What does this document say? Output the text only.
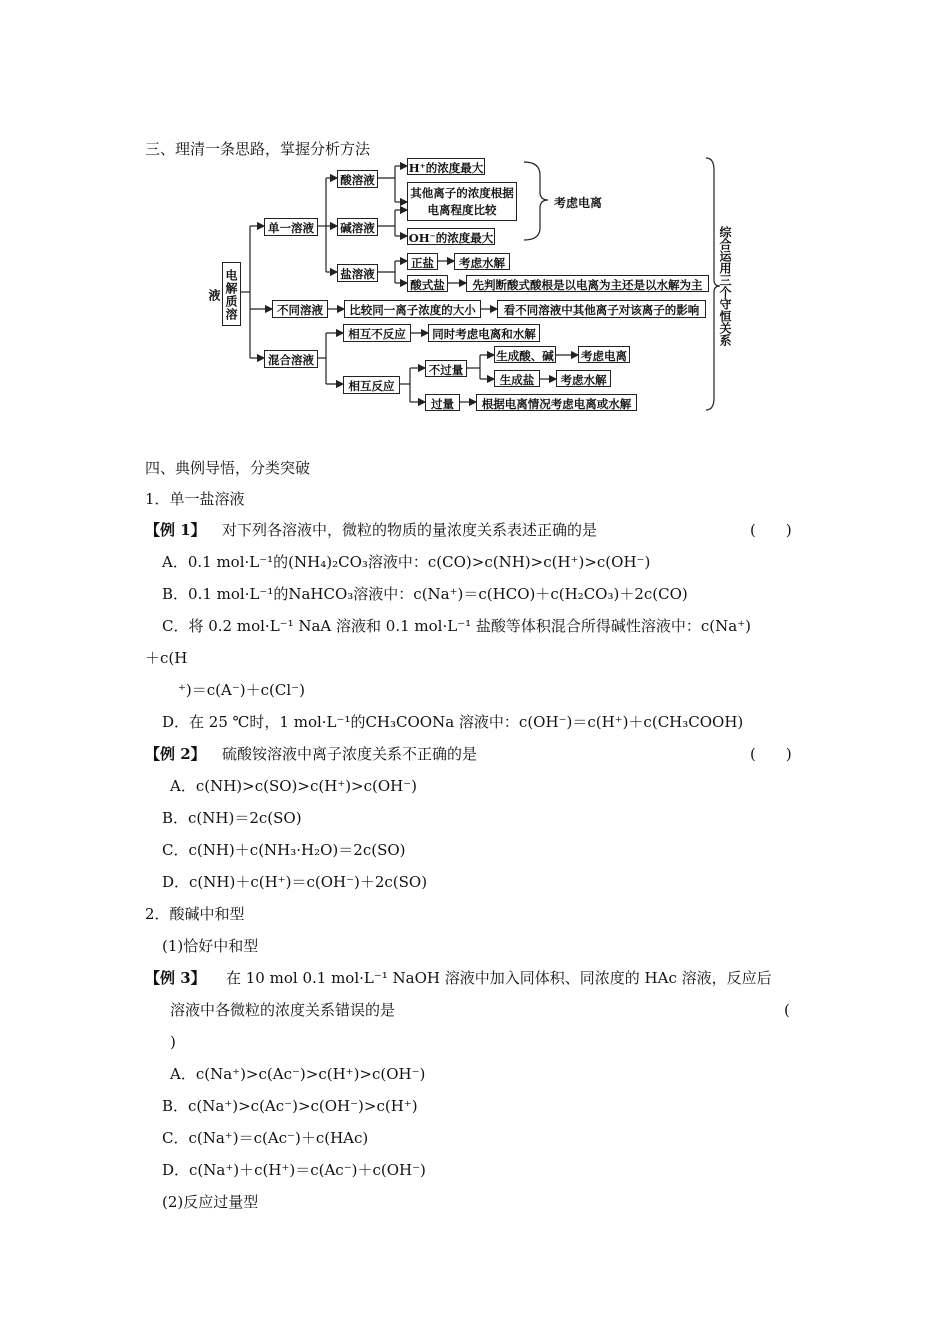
三、理清一条思路，掌握分析方法
电解质溶液
单一溶液
酸溶液
碱溶液
盐溶液
H⁺的浓度最大
其他离子的浓度根据
电离程度比较
OH⁻的浓度最大
考虑电离
正盐	考虑水解
酸式盐	先判断酸式酸根是以电离为主还是以水解为主
不同溶液	比较同一离子浓度的大小	看不同溶液中其他离子对该离子的影响
混合溶液
相互不反应	同时考虑电离和水解
相互反应
不过量
生成酸、碱 考虑电离
生成盐	考虑水解
过量	根据电离情况考虑电离或水解
综合运用三个守恒关系
四、典例导悟，分类突破
1．单一盐溶液
【例 1】 对下列各溶液中，微粒的物质的量浓度关系表述正确的是	(　　)
A．0.1 mol·L⁻¹的(NH₄)₂CO₃溶液中：c(CO)>c(NH)>c(H⁺)>c(OH⁻)
B．0.1 mol·L⁻¹的NaHCO₃溶液中：c(Na⁺)＝c(HCO)＋c(H₂CO₃)＋2c(CO)
C．将 0.2 mol·L⁻¹ NaA 溶液和 0.1 mol·L⁻¹ 盐酸等体积混合所得碱性溶液中：c(Na⁺)
＋c(H
⁺)＝c(A⁻)＋c(Cl⁻)
D．在 25 ℃时，1 mol·L⁻¹的CH₃COONa 溶液中：c(OH⁻)＝c(H⁺)＋c(CH₃COOH)
【例 2】 硫酸铵溶液中离子浓度关系不正确的是	(　　)
A．c(NH)>c(SO)>c(H⁺)>c(OH⁻)
B．c(NH)＝2c(SO)
C．c(NH)＋c(NH₃·H₂O)＝2c(SO)
D．c(NH)＋c(H⁺)＝c(OH⁻)＋2c(SO)
2．酸碱中和型
(1)恰好中和型
【例 3】 在 10 mol 0.1 mol·L⁻¹ NaOH 溶液中加入同体积、同浓度的 HAc 溶液，反应后
溶液中各微粒的浓度关系错误的是	(
)
A．c(Na⁺)>c(Ac⁻)>c(H⁺)>c(OH⁻)
B．c(Na⁺)>c(Ac⁻)>c(OH⁻)>c(H⁺)
C．c(Na⁺)＝c(Ac⁻)＋c(HAc)
D．c(Na⁺)＋c(H⁺)＝c(Ac⁻)＋c(OH⁻)
(2)反应过量型
